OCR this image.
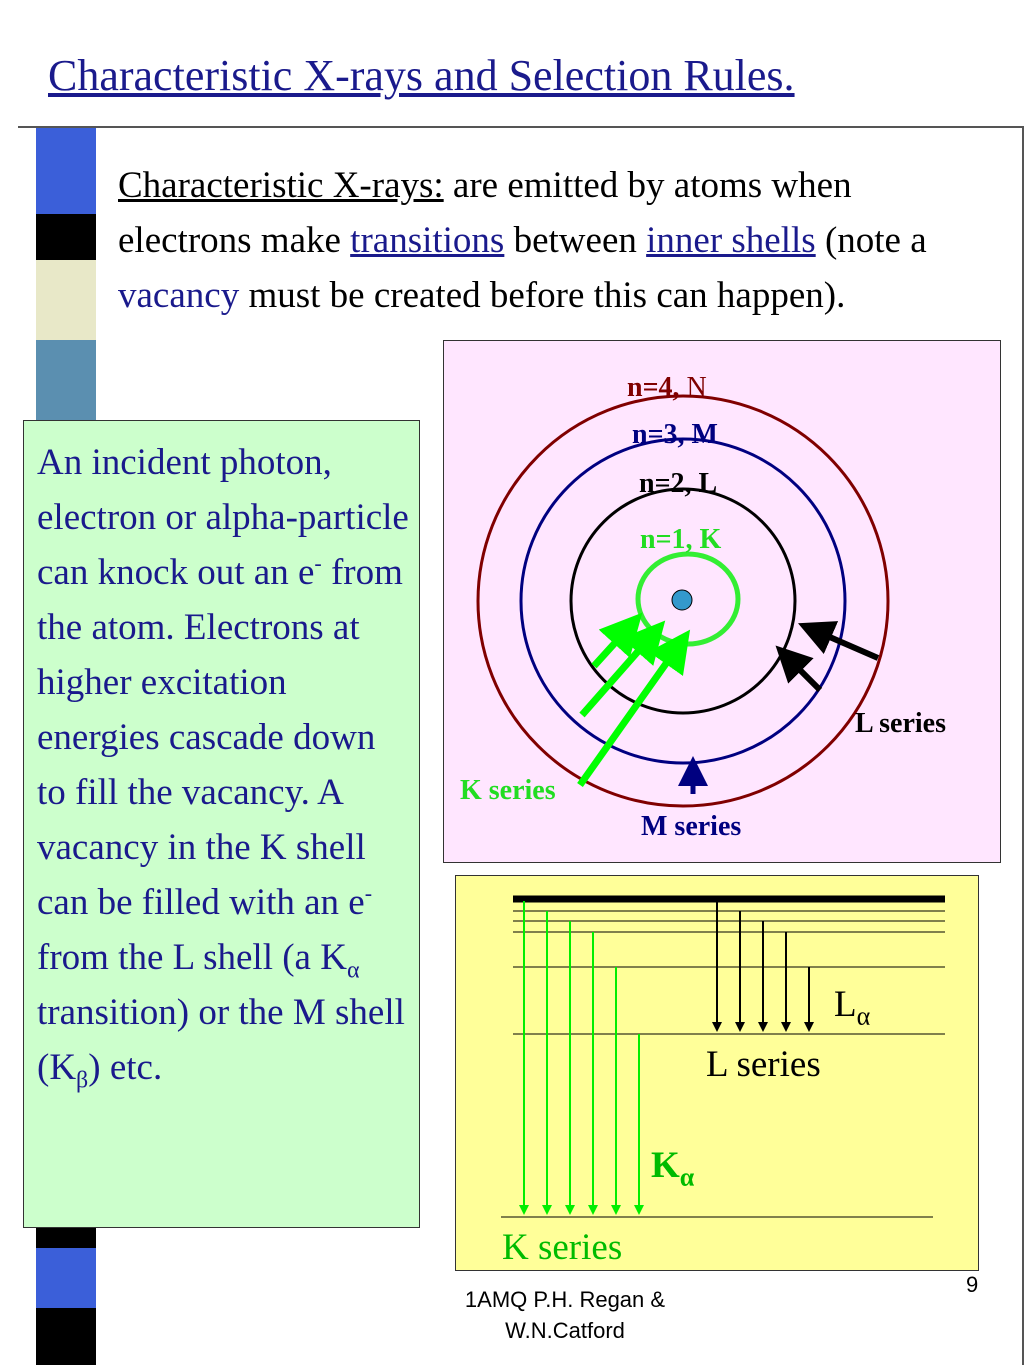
Characteristic X-rays and Selection Rules.
Characteristic X-rays: are emitted by atoms when electrons make transitions between inner shells (note a vacancy must be created before this can happen).
An incident photon, electron or alpha-particle can knock out an e- from the atom. Electrons at higher excitation energies cascade down to fill the vacancy. A vacancy in the K shell can be filled with an e- from the L shell (a $K_\alpha$ transition) or the M shell $(K_\beta)$ etc.
n=4, N
n=3, M
n=2, L
n=1, K
K series
L series
M series
$L_\alpha$
L series
$K_\alpha$
K series
1AMQ P.H. Regan &
W.N.Catford
9
